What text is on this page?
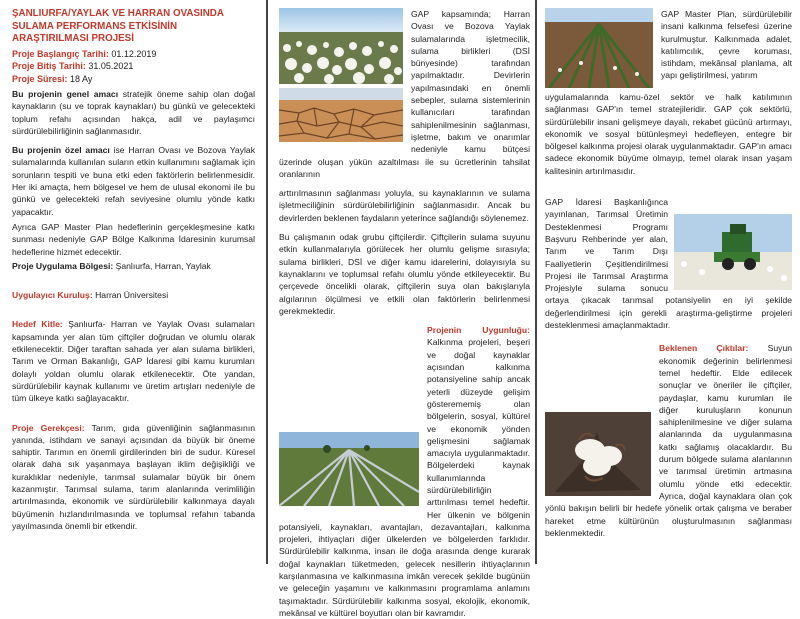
ŞANLIURFA/YAYLAK VE HARRAN OVASINDA SULAMA PERFORMANS ETKİSİNİN ARAŞTIRILMASI PROJESİ
Proje Başlangıç Tarihi: 01.12.2019
Proje Bitiş Tarihi: 31.05.2021
Proje Süresi: 18 Ay

Bu projenin genel amacı stratejik öneme sahip olan doğal kaynakların (su ve toprak kaynakları) bu günkü ve gelecekteki toplum refahı açısından hakça, adil ve paylaşımcı sürdürülebilirliğinin sağlanmasıdır.

Bu projenin özel amacı ise Harran Ovası ve Bozova Yaylak sulamalarında kullanılan suların etkin kullanımını sağlamak için sorunların tespiti ve buna etki eden faktörlerin belirlenmesidir. Her iki amaçta, hem bölgesel ve hem de ulusal ekonomi ile bu günkü ve gelecekteki refah seviyesine olumlu yönde katkı yapacaktır.

Ayrıca GAP Master Plan hedeflerinin gerçekleşmesine katkı sunması nedeniyle GAP Bölge Kalkınma İdaresinin kurumsal hedeflerine hizmet edecektir.

Proje Uygulama Bölgesi: Şanlıurfa, Harran, Yaylak

Uygulayıcı Kuruluş: Harran Üniversitesi

Hedef Kitle: Şanlıurfa- Harran ve Yaylak Ovası sulamaları kapsamında yer alan tüm çiftçiler doğrudan ve olumlu olarak etkilenecektir. Diğer taraftan sahada yer alan sulama birlikleri, Tarım ve Orman Bakanlığı, GAP İdaresi gibi kamu kurumları dolaylı yoldan olumlu olarak etkilenecektir. Öte yandan, sürdürülebilir kaynak kullanımı ve üretim artışları nedeniyle de tüm ülkeye katkı sağlayacaktır.

Proje Gerekçesi: Tarım, gıda güvenliğinin sağlanmasının yanında, istihdam ve sanayi açısından da büyük bir öneme sahiptir. Tarımın en önemli girdilerinden biri de sudur. Küresel olarak daha sık yaşanmaya başlayan iklim değişikliği ve kuraklıklar nedeniyle, tarımsal sulamalar büyük bir önem kazanmıştır. Tarımsal sulama, tarım alanlarında verimliliğin artırılmasında, ekonomik ve sürdürülebilir kalkınmaya dayalı büyümenin hızlandırılmasında ve toplumsal refahın tabanda yayılmasında önemli bir etkendir.

GAP kapsamında; Harran Ovası ve Bozova Yaylak sulamalarında işletmecilik, sulama birlikleri (DSİ bünyesinde) tarafından yapılmaktadır. Devirlerin yapılmasındaki en önemli sebepler, sulama sistemlerinin kullanıcıları tarafından sahiplenilmesinin sağlanması, işletme, bakım ve onarımlar nedeniyle kamu bütçesi üzerinde oluşan yükün azaltılması ile su ücretlerinin tahsilat oranlarının

arttırılmasının sağlanması yoluyla, su kaynaklarının ve sulama işletmeciliğinin sürdürülebilirliğinin sağlanmasıdır. Ancak bu devirlerden beklenen faydaların yeterince sağlandığı söylenemez.

Bu çalışmanın odak grubu çiftçilerdir. Çiftçilerin sulama suyunu etkin kullanmalarıyla görülecek her olumlu gelişme sırasıyla; sulama birlikleri, DSİ ve diğer kamu idarelerini, dolayısıyla su kaynaklarını ve toplumsal refahı olumlu yönde etkileyecektir. Bu çerçevede öncelikli olarak, çiftçilerin suya olan bakışlarıyla algılarının ölçülmesi ve etkili olan faktörlerin belirlenmesi gerekmektedir.

Projenin Uygunluğu: Kalkınma projeleri, beşeri ve doğal kaynaklar açısından kalkınma potansiyeline sahip ancak yeterli düzeyde gelişim gösterememiş olan bölgelerin, sosyal, kültürel ve ekonomik yönden gelişmesini sağlamak amacıyla uygulanmaktadır. Bölgelerdeki kaynak kullanımlarında sürdürülebilirliğin arttırılması temel hedeftir. Her ülkenin ve bölgenin potansiyeli, kaynakları, avantajları, dezavantajları, kalkınma projeleri, ihtiyaçları diğer ülkelerden ve bölgelerden farklıdır. Sürdürülebilir kalkınma, insan ile doğa arasında denge kurarak doğal kaynakları tüketmeden, gelecek nesillerin ihtiyaçlarının karşılanmasına ve kalkınmasına imkân verecek şekilde bugünün ve geleceğin yaşamını ve kalkınmasını programlama anlamını taşımaktadır. Sürdürülebilir kalkınma sosyal, ekolojik, ekonomik, mekânsal ve kültürel boyutları olan bir kavramdır.

GAP Master Plan, sürdürülebilir insani kalkınma felsefesi üzerine kurulmuştur. Kalkınmada adalet, katılımcılık, çevre koruması, istihdam, mekânsal planlama, alt yapı geliştirilmesi, yatırım

uygulamalarında kamu-özel sektör ve halk katılımının sağlanması GAP'ın temel stratejileridir. GAP çok sektörlü, sürdürülebilir insani gelişmeye dayalı, rekabet gücünü artırmayı, ekonomik ve sosyal bütünleşmeyi hedefleyen, entegre bir bölgesel kalkınma projesi olarak uygulanmaktadır. GAP'ın amacı sadece ekonomik büyüme olmayıp, temel olarak insan yaşam kalitesinin artırılmasıdır.

GAP İdaresi Başkanlığınca yayınlanan, Tarımsal Üretimin Desteklenmesi Programı Başvuru Rehberinde yer alan, Tarım ve Tarım Dışı Faaliyetlerin Çeşitlendirilmesi Projesi ile Tarımsal Araştırma Projesiyle sulama sonucu ortaya çıkacak tarımsal potansiyelin en iyi şekilde değerlendirilmesi için gerekli araştırma-geliştirme projeleri desteklenmesi amaçlanmaktadır.

Beklenen Çıktılar: Suyun ekonomik değerinin belirlenmesi temel hedeftir. Elde edilecek sonuçlar ve öneriler ile çiftçiler, paydaşlar, kamu kurumları ile diğer kuruluşların konunun sahiplenilmesine ve diğer sulama alanlarında da uygulanmasına katkı sağlamış olacaklardır. Bu durum bölgede sulama alanlarının ve tarımsal üretimin artmasına olumlu yönde etki edecektir. Ayrıca, doğal kaynaklara olan çok yönlü bakışın belirli bir hedefe yönelik ortak çalışma ve beraber hareket etme kültürünün oluşturulmasının sağlanması beklenmektedir.
